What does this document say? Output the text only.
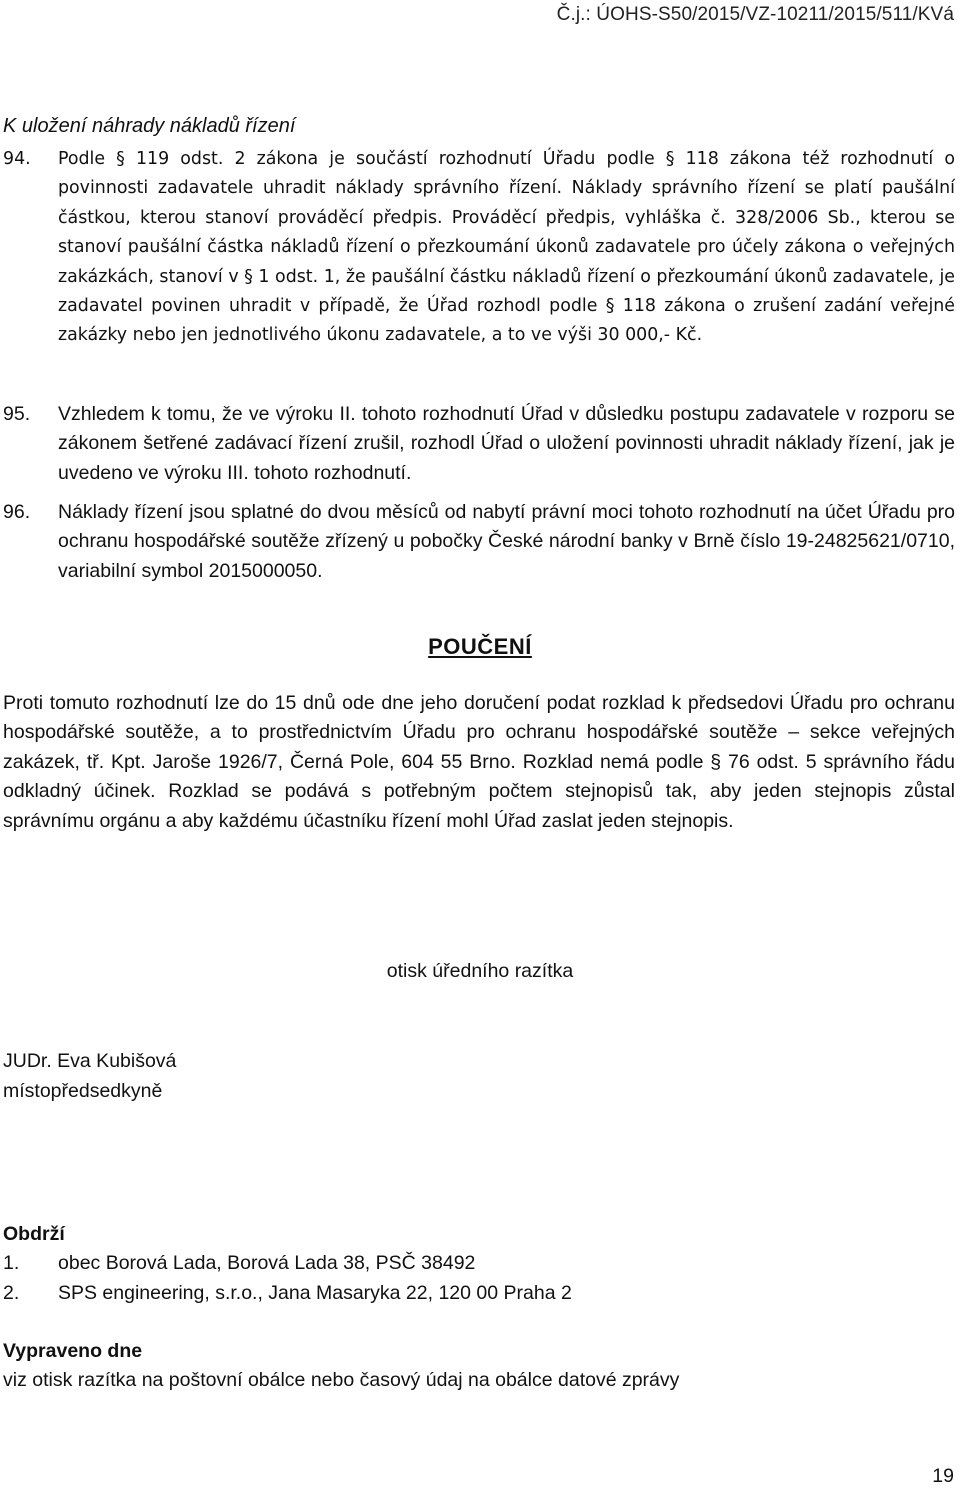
Č.j.: ÚOHS-S50/2015/VZ-10211/2015/511/KVá
K uložení náhrady nákladů řízení
94. Podle § 119 odst. 2 zákona je součástí rozhodnutí Úřadu podle § 118 zákona též rozhodnutí o povinnosti zadavatele uhradit náklady správního řízení. Náklady správního řízení se platí paušální částkou, kterou stanoví prováděcí předpis. Prováděcí předpis, vyhláška č. 328/2006 Sb., kterou se stanoví paušální částka nákladů řízení o přezkoumání úkonů zadavatele pro účely zákona o veřejných zakázkách, stanoví v § 1 odst. 1, že paušální částku nákladů řízení o přezkoumání úkonů zadavatele, je zadavatel povinen uhradit v případě, že Úřad rozhodl podle § 118 zákona o zrušení zadání veřejné zakázky nebo jen jednotlivého úkonu zadavatele, a to ve výši 30 000,- Kč.
95. Vzhledem k tomu, že ve výroku II. tohoto rozhodnutí Úřad v důsledku postupu zadavatele v rozporu se zákonem šetřené zadávací řízení zrušil, rozhodl Úřad o uložení povinnosti uhradit náklady řízení, jak je uvedeno ve výroku III. tohoto rozhodnutí.
96. Náklady řízení jsou splatné do dvou měsíců od nabytí právní moci tohoto rozhodnutí na účet Úřadu pro ochranu hospodářské soutěže zřízený u pobočky České národní banky v Brně číslo 19-24825621/0710, variabilní symbol 2015000050.
POUČENÍ
Proti tomuto rozhodnutí lze do 15 dnů ode dne jeho doručení podat rozklad k předsedovi Úřadu pro ochranu hospodářské soutěže, a to prostřednictvím Úřadu pro ochranu hospodářské soutěže – sekce veřejných zakázek, tř. Kpt. Jaroše 1926/7, Černá Pole, 604 55 Brno. Rozklad nemá podle § 76 odst. 5 správního řádu odkladný účinek. Rozklad se podává s potřebným počtem stejnopisů tak, aby jeden stejnopis zůstal správnímu orgánu a aby každému účastníku řízení mohl Úřad zaslat jeden stejnopis.
otisk úředního razítka
JUDr. Eva Kubišová
místopředsedkyně
Obdrží
1. obec Borová Lada, Borová Lada 38, PSČ 38492
2. SPS engineering, s.r.o., Jana Masaryka 22, 120 00 Praha 2
Vypraveno dne
viz otisk razítka na poštovní obálce nebo časový údaj na obálce datové zprávy
19
